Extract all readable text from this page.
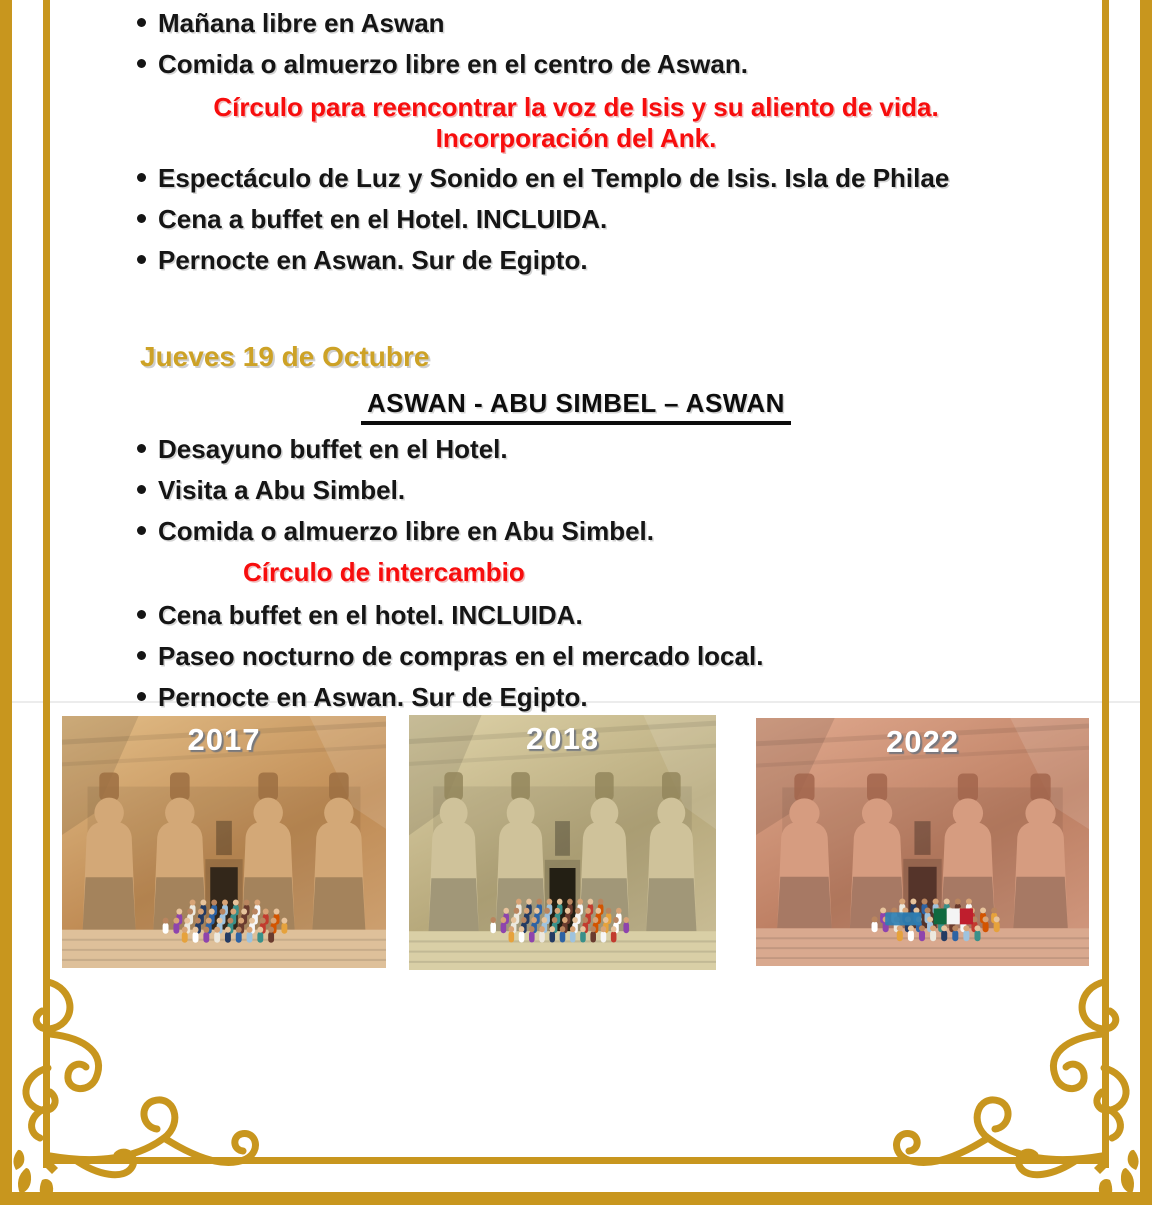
Mañana libre en Aswan
Comida o almuerzo libre en el centro de Aswan.
Círculo para reencontrar la voz de Isis y su aliento de vida.
Incorporación del Ank.
Espectáculo de Luz y Sonido en el Templo de Isis. Isla de Philae
Cena a buffet en el Hotel. INCLUIDA.
Pernocte en Aswan. Sur de Egipto.
Jueves 19 de Octubre
ASWAN - ABU SIMBEL – ASWAN
Desayuno buffet en el Hotel.
Visita a Abu Simbel.
Comida o almuerzo libre en Abu Simbel.
Círculo de intercambio
Cena buffet en el hotel. INCLUIDA.
Paseo nocturno de compras en el mercado local.
Pernocte en Aswan. Sur de Egipto.
2017	2018	2022
